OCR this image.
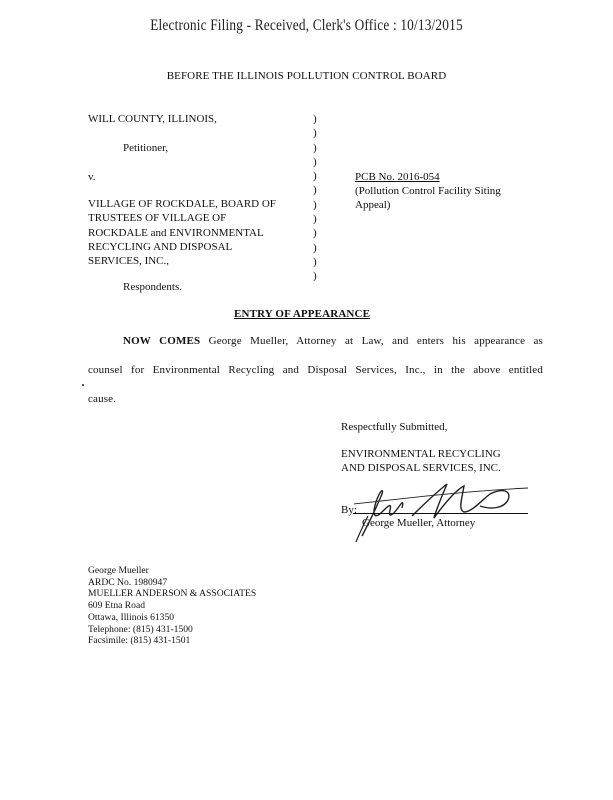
Electronic Filing - Received, Clerk's Office : 10/13/2015
BEFORE THE ILLINOIS POLLUTION CONTROL BOARD
WILL COUNTY, ILLINOIS,
Petitioner,
v.
VILLAGE OF ROCKDALE, BOARD OF
TRUSTEES OF VILLAGE OF
ROCKDALE and ENVIRONMENTAL
RECYCLING AND DISPOSAL
SERVICES, INC.,
Respondents.
)
)
)
)
)
)
)
)
)
)
)
)
PCB No. 2016-054
(Pollution Control Facility Siting
Appeal)
ENTRY OF APPEARANCE
NOW COMES George Mueller, Attorney at Law, and enters his appearance as
counsel for Environmental Recycling and Disposal Services, Inc., in the above entitled
cause.
Respectfully Submitted,
ENVIRONMENTAL RECYCLING
AND DISPOSAL SERVICES, INC.
By:
George Mueller, Attorney
George Mueller
ARDC No. 1980947
MUELLER ANDERSON & ASSOCIATES
609 Etna Road
Ottawa, Illinois 61350
Telephone: (815) 431-1500
Facsimile: (815) 431-1501
